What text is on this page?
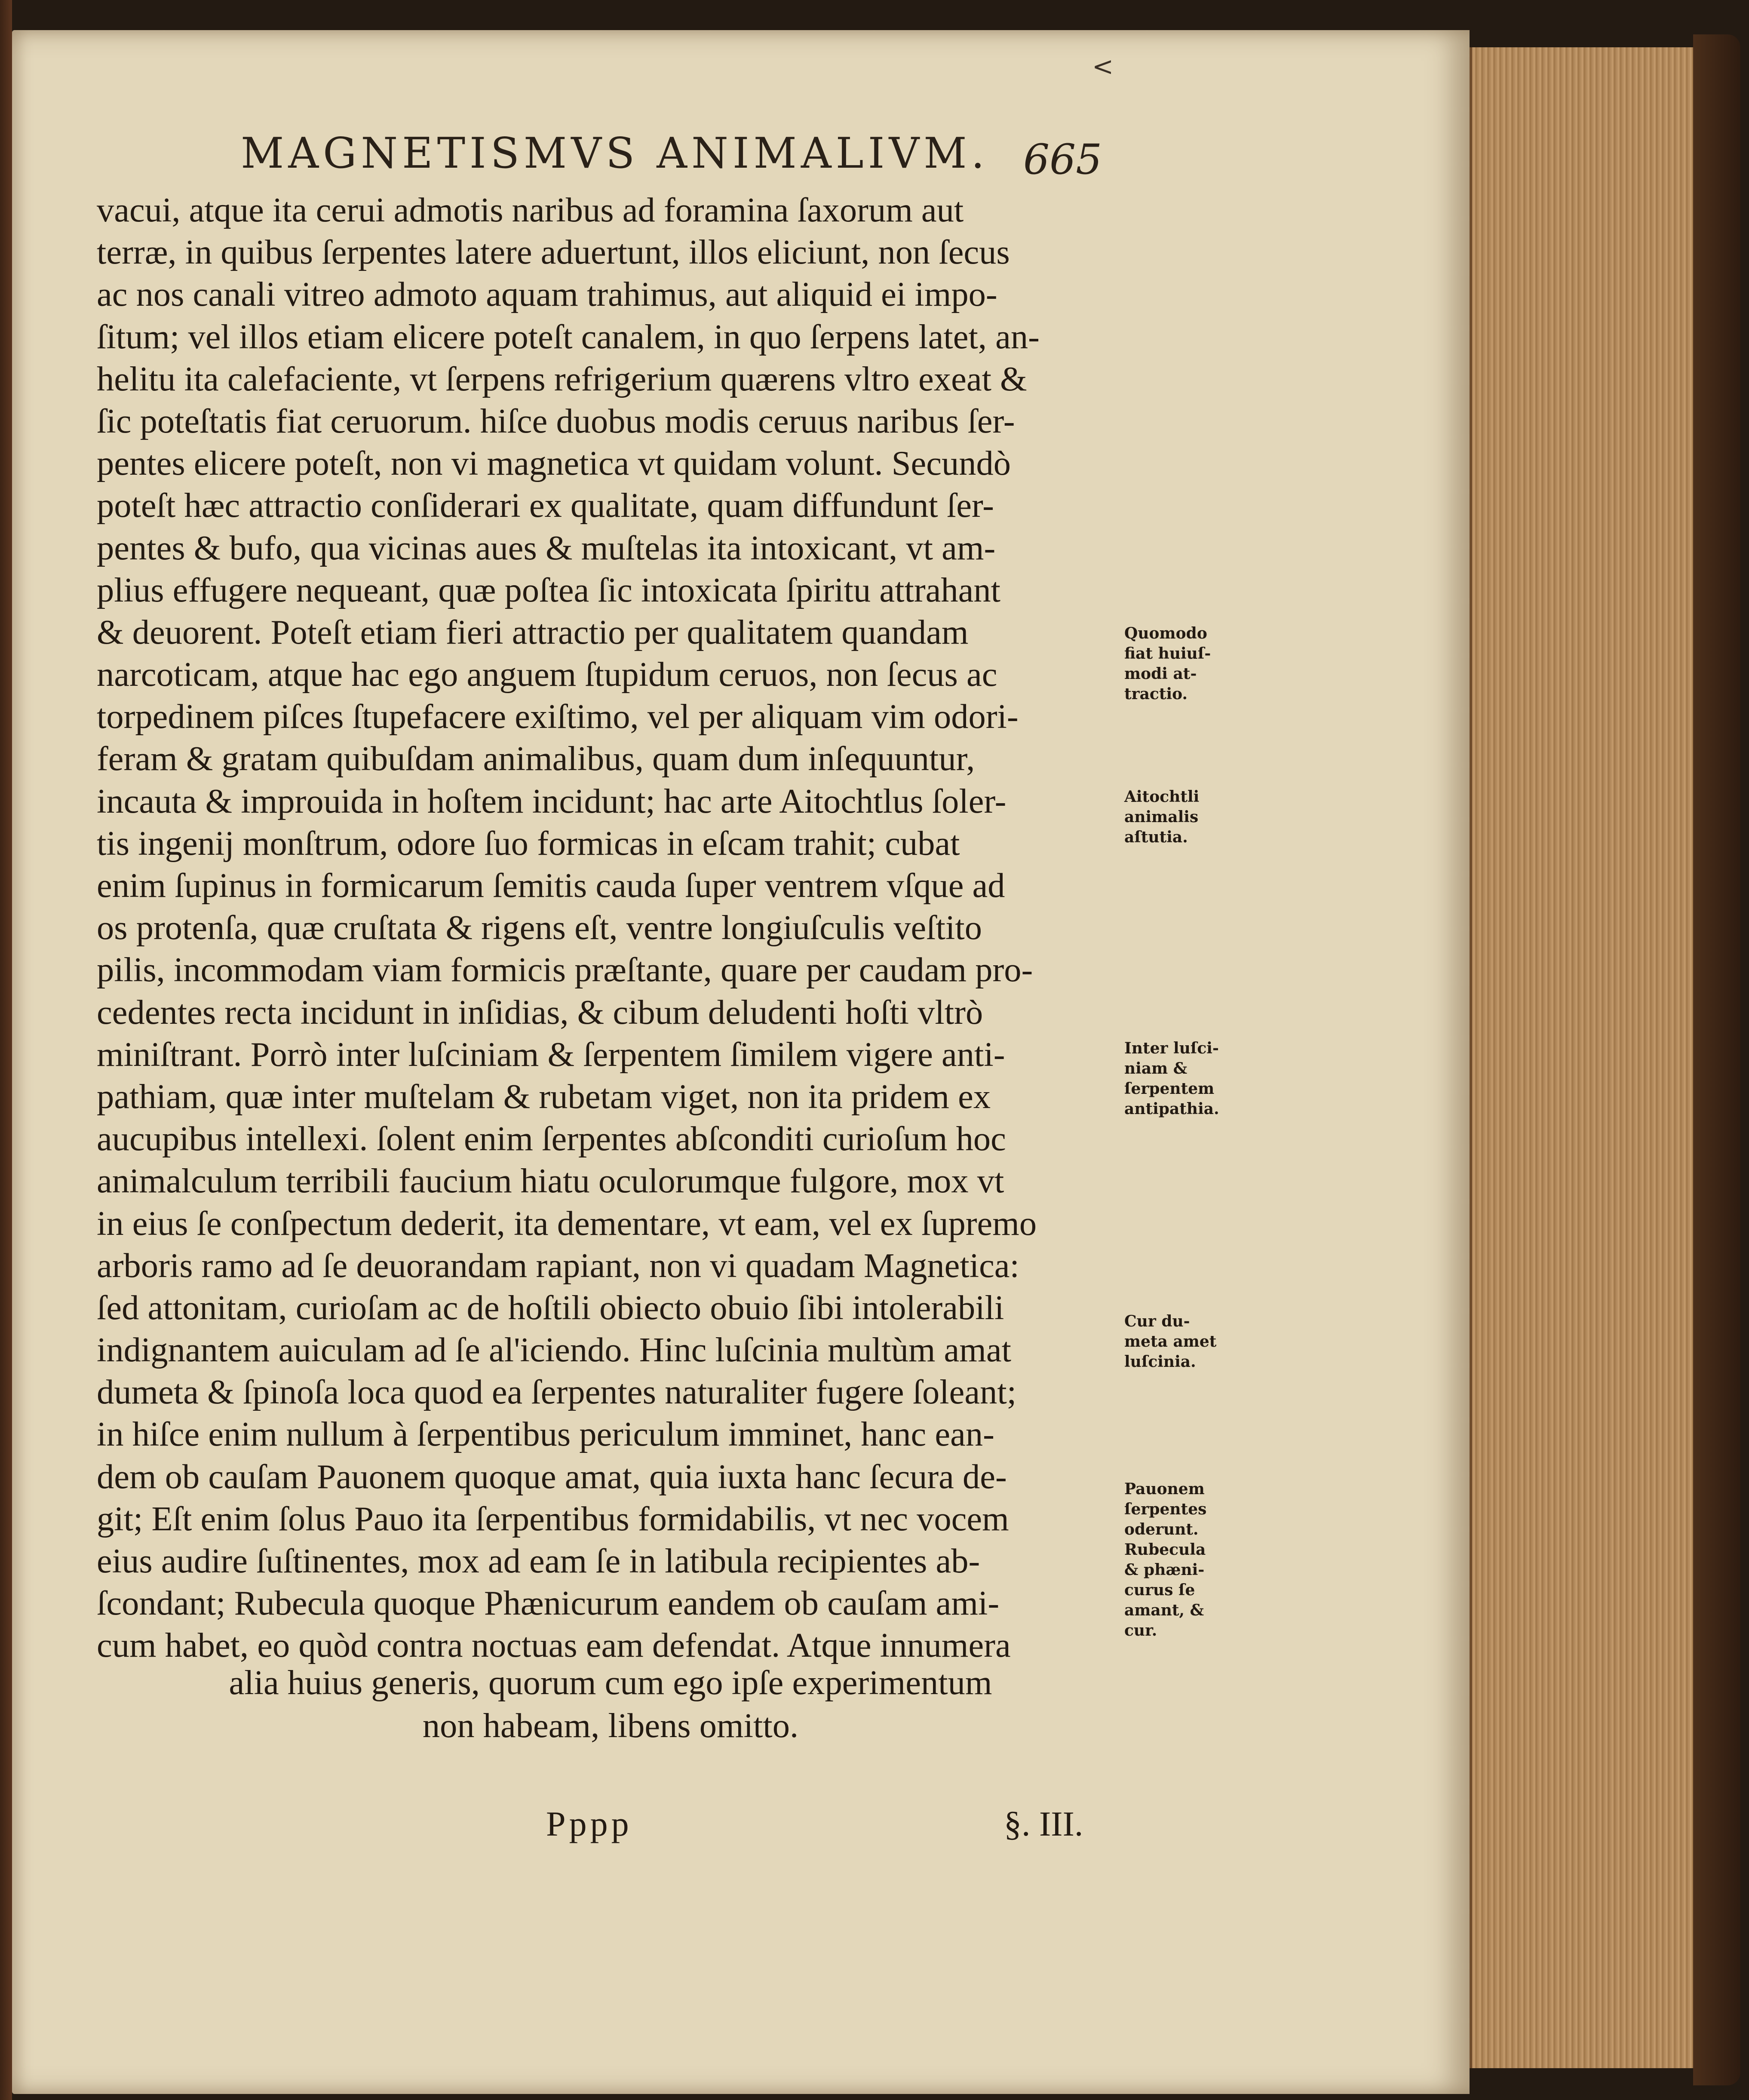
<
MAGNETISMVS ANIMALIVM. 665
vacui, atque ita cerui admotis naribus ad foramina ſaxorum aut
terræ, in quibus ſerpentes latere aduertunt, illos eliciunt, non ſecus
ac nos canali vitreo admoto aquam trahimus, aut aliquid ei impo-
ſitum; vel illos etiam elicere poteſt canalem, in quo ſerpens latet, an-
helitu ita calefaciente, vt ſerpens refrigerium quærens vltro exeat &
ſic poteſtatis fiat ceruorum. hiſce duobus modis ceruus naribus ſer-
pentes elicere poteſt, non vi magnetica vt quidam volunt. Secundò
poteſt hæc attractio conſiderari ex qualitate, quam diffundunt ſer-
pentes & bufo, qua vicinas aues & muſtelas ita intoxicant, vt am-
plius effugere nequeant, quæ poſtea ſic intoxicata ſpiritu attrahant
& deuorent. Poteſt etiam fieri attractio per qualitatem quandam
narcoticam, atque hac ego anguem ſtupidum ceruos, non ſecus ac
torpedinem piſces ſtupefacere exiſtimo, vel per aliquam vim odori-
feram & gratam quibuſdam animalibus, quam dum inſequuntur,
incauta & improuida in hoſtem incidunt; hac arte Aitochtlus ſoler-
tis ingenij monſtrum, odore ſuo formicas in eſcam trahit; cubat
enim ſupinus in formicarum ſemitis cauda ſuper ventrem vſque ad
os protenſa, quæ cruſtata & rigens eſt, ventre longiuſculis veſtito
pilis, incommodam viam formicis præſtante, quare per caudam pro-
cedentes recta incidunt in inſidias, & cibum deludenti hoſti vltrò
miniſtrant. Porrò inter luſciniam & ſerpentem ſimilem vigere anti-
pathiam, quæ inter muſtelam & rubetam viget, non ita pridem ex
aucupibus intellexi. ſolent enim ſerpentes abſconditi curioſum hoc
animalculum terribili faucium hiatu oculorumque fulgore, mox vt
in eius ſe conſpectum dederit, ita dementare, vt eam, vel ex ſupremo
arboris ramo ad ſe deuorandam rapiant, non vi quadam Magnetica:
ſed attonitam, curioſam ac de hoſtili obiecto obuio ſibi intolerabili
indignantem auiculam ad ſe al'iciendo. Hinc luſcinia multùm amat
dumeta & ſpinoſa loca quod ea ſerpentes naturaliter fugere ſoleant;
in hiſce enim nullum à ſerpentibus periculum imminet, hanc ean-
dem ob cauſam Pauonem quoque amat, quia iuxta hanc ſecura de-
git; Eſt enim ſolus Pauo ita ſerpentibus formidabilis, vt nec vocem
eius audire ſuſtinentes, mox ad eam ſe in latibula recipientes ab-
ſcondant; Rubecula quoque Phænicurum eandem ob cauſam ami-
cum habet, eo quòd contra noctuas eam defendat. Atque innumera
alia huius generis, quorum cum ego ipſe experimentum
non habeam, libens omitto.
Quomodo
fiat huiuſ-
modi at-
tractio.
Aitochtli
animalis
aſtutia.
Inter luſci-
niam &
ſerpentem
antipathia.
Cur du-
meta amet
luſcinia.
Pauonem
ſerpentes
oderunt.
Rubecula
& phæni-
curus ſe
amant, &
cur.
Pppp	§. III.
